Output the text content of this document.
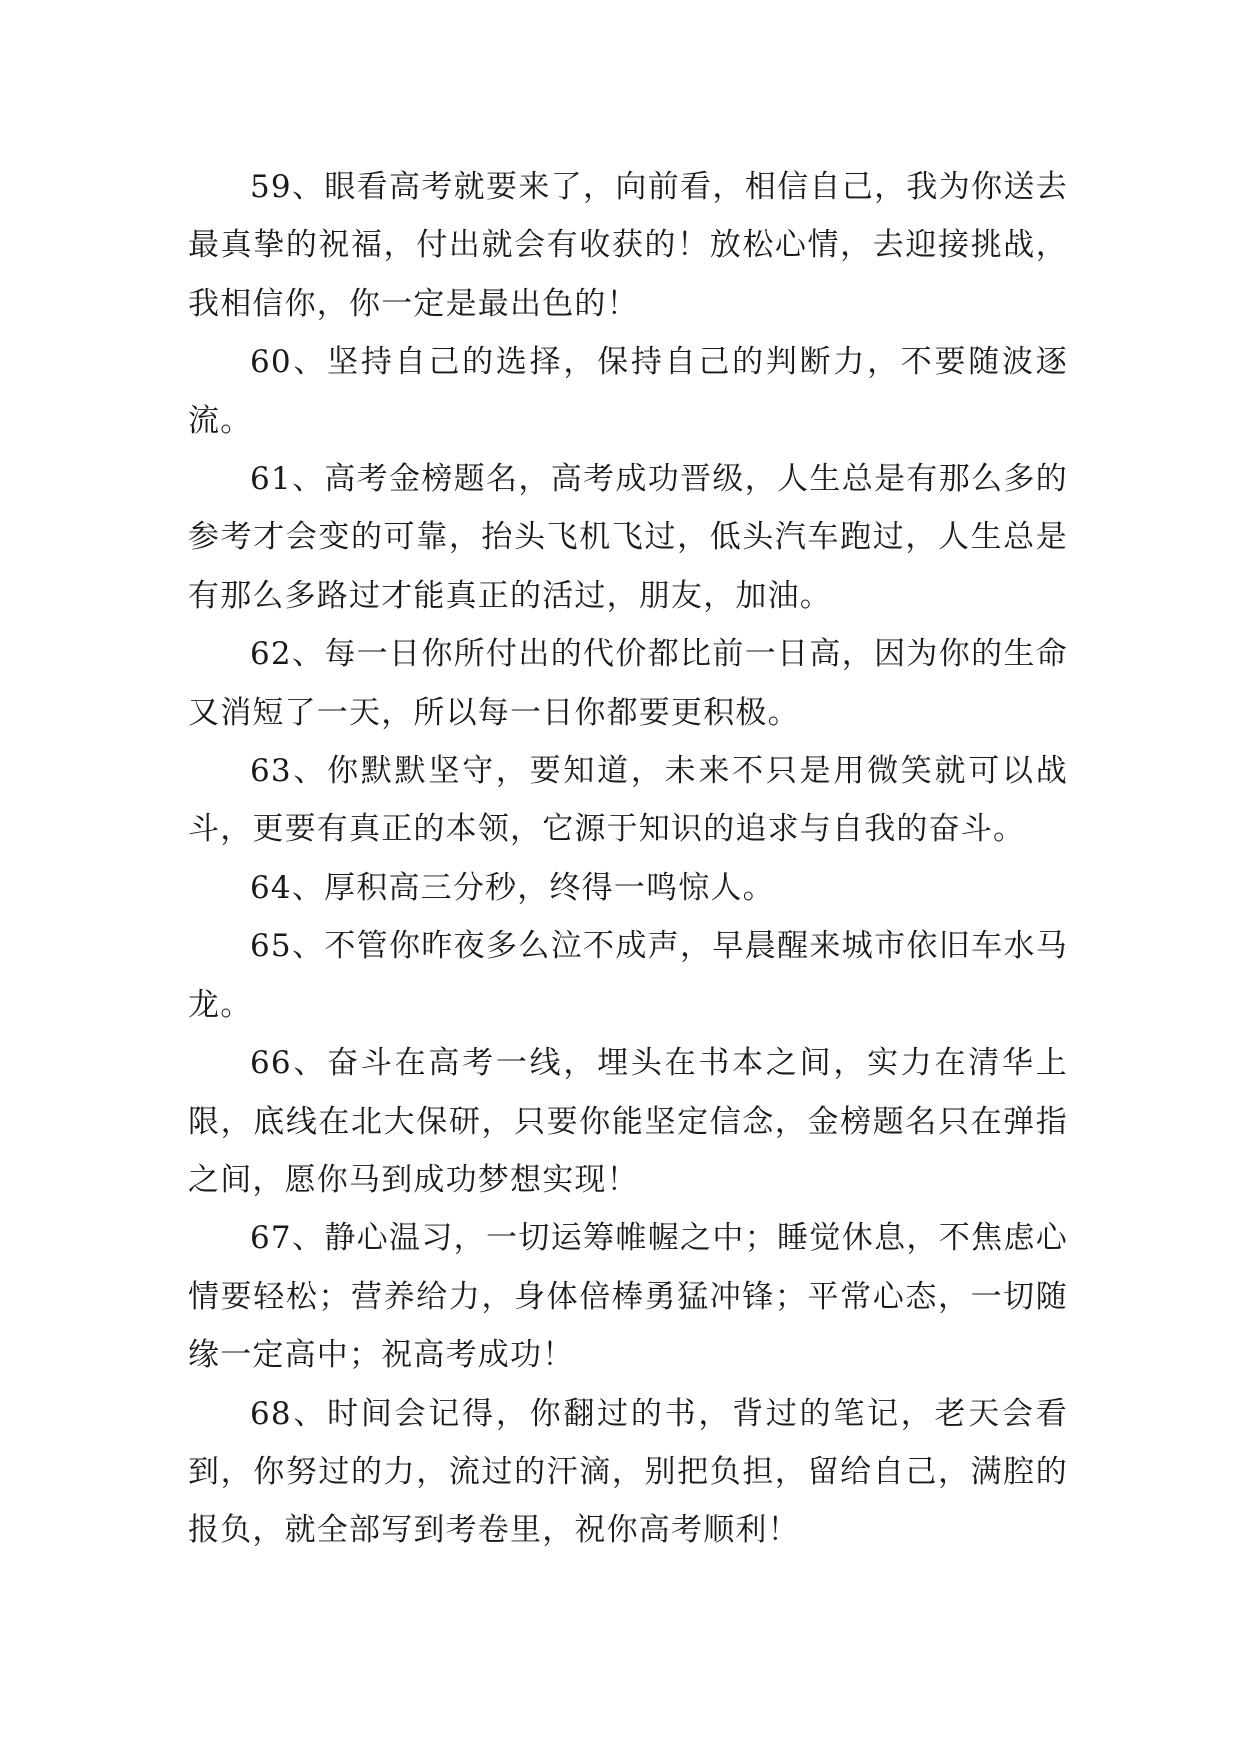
59、眼看高考就要来了，向前看，相信自己，我为你送去最真挚的祝福，付出就会有收获的！放松心情，去迎接挑战，我相信你，你一定是最出色的！

60、坚持自己的选择，保持自己的判断力，不要随波逐流。

61、高考金榜题名，高考成功晋级，人生总是有那么多的参考才会变的可靠，抬头飞机飞过，低头汽车跑过，人生总是有那么多路过才能真正的活过，朋友，加油。

62、每一日你所付出的代价都比前一日高，因为你的生命又消短了一天，所以每一日你都要更积极。

63、你默默坚守，要知道，未来不只是用微笑就可以战斗，更要有真正的本领，它源于知识的追求与自我的奋斗。

64、厚积高三分秒，终得一鸣惊人。

65、不管你昨夜多么泣不成声，早晨醒来城市依旧车水马龙。

66、奋斗在高考一线，埋头在书本之间，实力在清华上限，底线在北大保研，只要你能坚定信念，金榜题名只在弹指之间，愿你马到成功梦想实现！

67、静心温习，一切运筹帷幄之中；睡觉休息，不焦虑心情要轻松；营养给力，身体倍棒勇猛冲锋；平常心态，一切随缘一定高中；祝高考成功！

68、时间会记得，你翻过的书，背过的笔记，老天会看到，你努过的力，流过的汗滴，别把负担，留给自己，满腔的报负，就全部写到考卷里，祝你高考顺利！
